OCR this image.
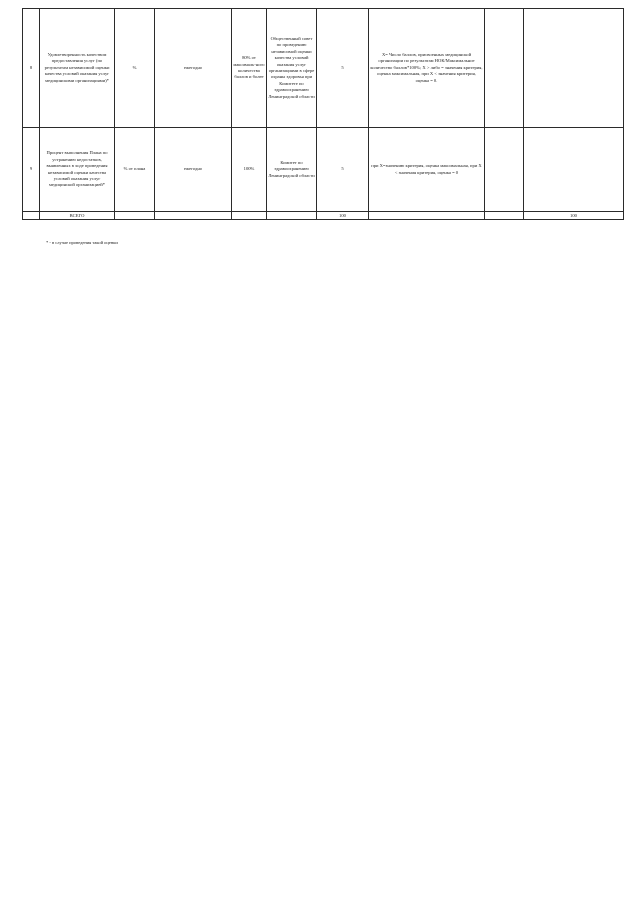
8	Удовлетворенность качеством предоставления услуг (по результатам независимой оценки качества условий оказания услуг медицинскими организациями)*	%	ежегодно	80% от максималь-ного количества баллов и более	Общественный совет по проведению независимой оценки качества условий оказания услуг организациями в сфере охраны здоровья при Комитете по здравоохранению Ленинградской области	5	X= Число баллов, присвоенных медицинской организации по результатам НОК/Максимальное количество баллов*100%; X > либо = значения критерия, оценка максимальная, при X < значения критерия, оценка = 0.		
9	Процент выполнения Плана по устранению недостатков, выявленных в ходе проведения независимой оценки качества условий оказания услуг медицинской организацией*	% от плана	ежегодно	100%	Комитет по здравоохранению Ленинградской области	5	при X=значению критерия, оценка максимальная, при X < значения критерия, оценка = 0		
	ВСЕГО					100			100
* - в случае проведения такой оценки
